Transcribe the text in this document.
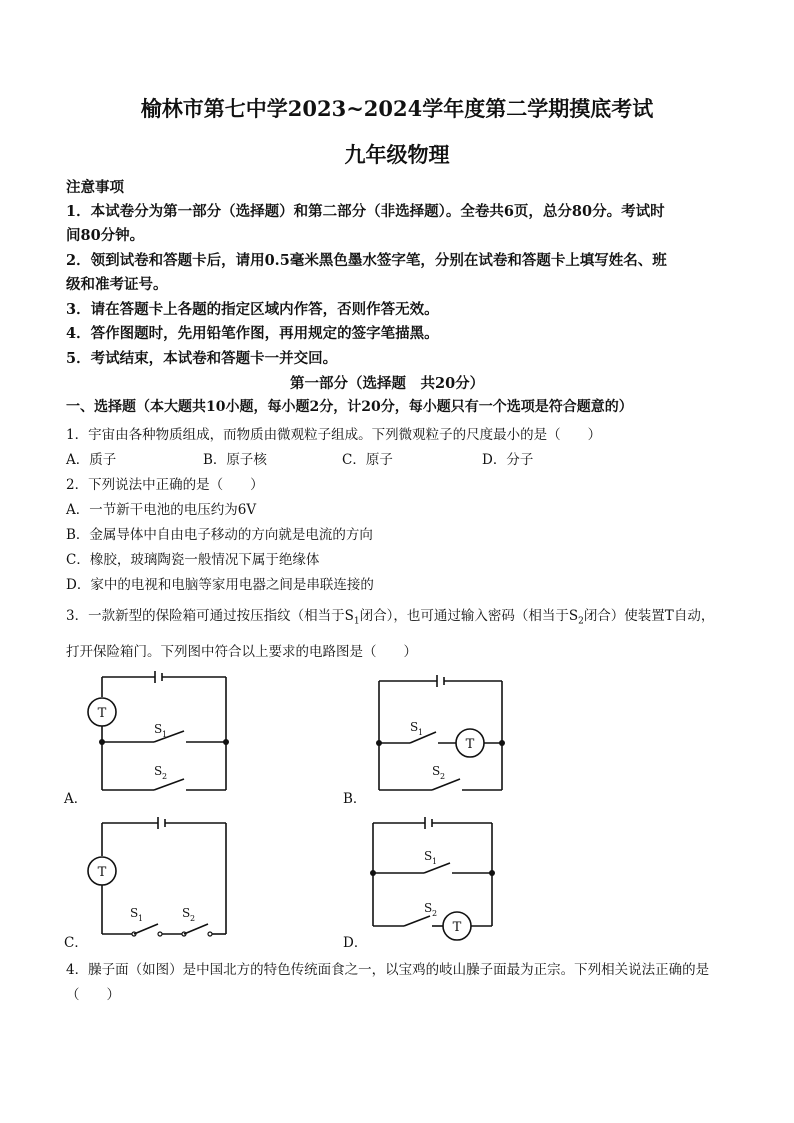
榆林市第七中学2023~2024学年度第二学期摸底考试
九年级物理
注意事项
1．本试卷分为第一部分（选择题）和第二部分（非选择题）。全卷共6页，总分80分。考试时
间80分钟。
2．领到试卷和答题卡后，请用0.5毫米黑色墨水签字笔，分别在试卷和答题卡上填写姓名、班
级和准考证号。
3．请在答题卡上各题的指定区域内作答，否则作答无效。
4．答作图题时，先用铅笔作图，再用规定的签字笔描黑。
5．考试结束，本试卷和答题卡一并交回。
第一部分（选择题　共20分）
一、选择题（本大题共10小题，每小题2分，计20分，每小题只有一个选项是符合题意的）
1．宇宙由各种物质组成，而物质由微观粒子组成。下列微观粒子的尺度最小的是（　　）
A．质子	B．原子核	C．原子	D．分子
2．下列说法中正确的是（　　）
A．一节新干电池的电压约为6V
B．金属导体中自由电子移动的方向就是电流的方向
C．橡胶，玻璃陶瓷一般情况下属于绝缘体
D．家中的电视和电脑等家用电器之间是串联连接的
3．一款新型的保险箱可通过按压指纹（相当于$S_1$闭合），也可通过输入密码（相当于$S_2$闭合）使装置T自动，
打开保险箱门。下列图中符合以上要求的电路图是（　　）
T
S 1
S 2
A．
T
S 1
S 2
B．
T
S 1	S 2
C．
S 1
T
S 2
D．
4．臊子面（如图）是中国北方的特色传统面食之一，以宝鸡的岐山臊子面最为正宗。下列相关说法正确的是
（　　）
